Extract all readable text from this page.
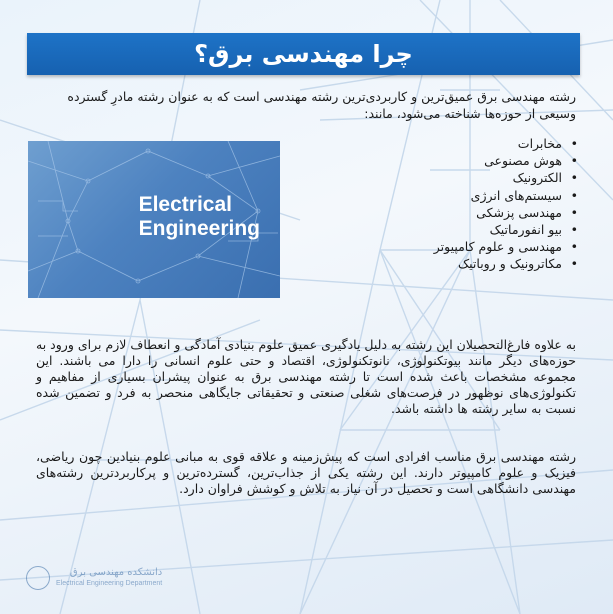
چرا مهندسی برق؟
رشته مهندسی برق عمیق‌ترین و کاربردی‌ترین رشته مهندسی است که به عنوان رشته مادرِ گسترده وسیعی از حوزه‌ها شناخته می‌شود، مانند:
Electrical
Engineering
• مخابرات
• هوش مصنوعی
• الکترونیک
• سیستم‌های انرژی
• مهندسی پزشکی
• بیو انفورماتیک
• مهندسی و علوم کامپیوتر
• مکاترونیک و روباتیک
به علاوه فارغ‌التحصیلان این رشته به دلیل یادگیری عمیق علوم بنیادی آمادگی و انعطاف لازم برای ورود به حوزه‌های دیگر مانند بیوتکنولوژی، نانوتکنولوژی، اقتصاد و حتی علوم انسانی را دارا می باشند. این مجموعه مشخصات باعث شده است تا رشته مهندسی برق به عنوان پیشران بسیاری از مفاهیم و تکنولوژی‌های نوظهور در فرصت‌های شغلی صنعتی و تحقیقاتی جایگاهی منحصر به فرد و تضمین شده نسبت به سایر رشته ها داشته باشد.
رشته مهندسی برق مناسب افرادی است که پیش‌زمینه و علاقه قوی به مبانی علوم بنیادین چون ریاضی، فیزیک و علوم کامپیوتر دارند. این رشته یکی از جذاب‌ترین، گسترده‌ترین و پرکاربردترین رشته‌های مهندسی دانشگاهی است و تحصیل در آن نیاز به تلاش و کوشش فراوان دارد.
دانشکده مهندسی برق
Electrical Engineering Department
